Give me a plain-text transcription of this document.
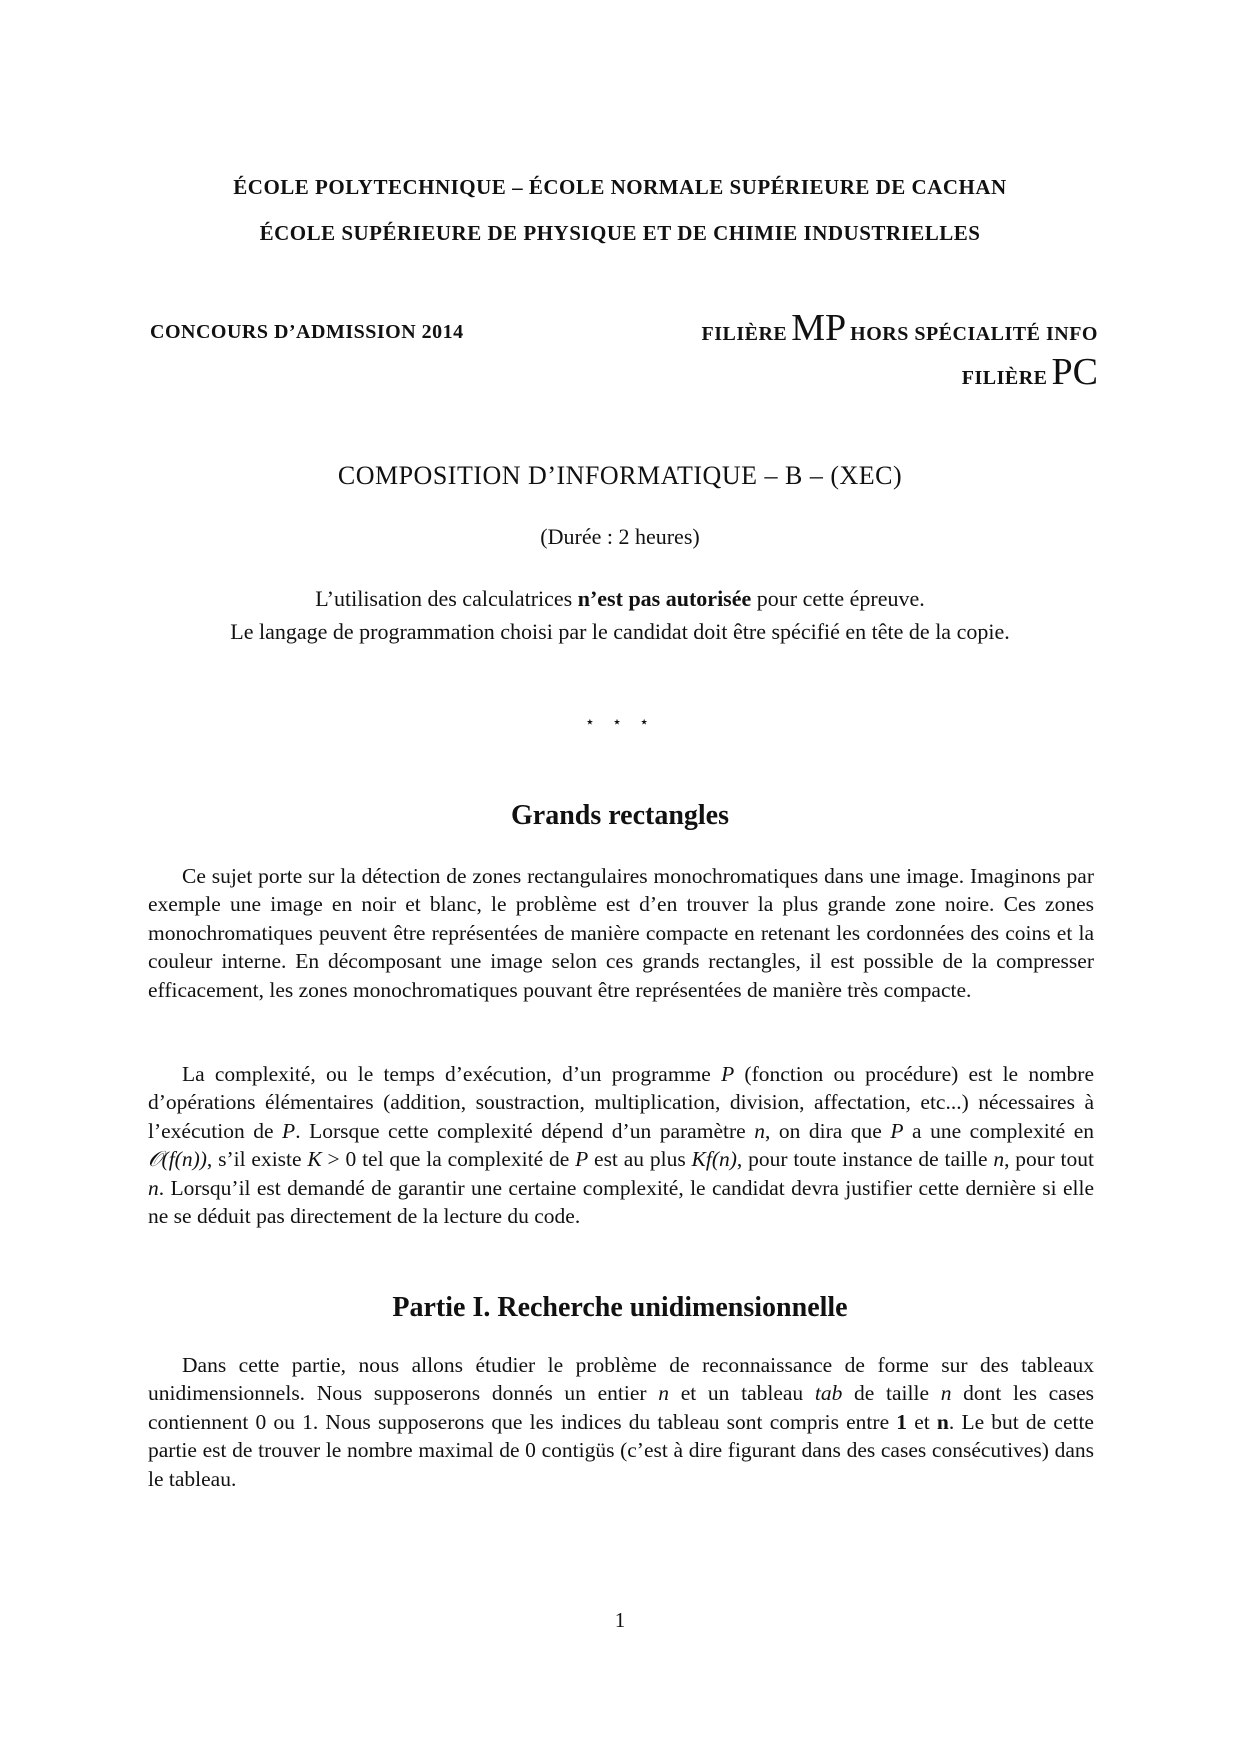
ÉCOLE POLYTECHNIQUE – ÉCOLE NORMALE SUPÉRIEURE DE CACHAN
ÉCOLE SUPÉRIEURE DE PHYSIQUE ET DE CHIMIE INDUSTRIELLES
CONCOURS D’ADMISSION 2014	FILIÈRE MP HORS SPÉCIALITÉ INFO
FILIÈRE PC
COMPOSITION D’INFORMATIQUE – B – (XEC)
(Durée : 2 heures)
L’utilisation des calculatrices n’est pas autorisée pour cette épreuve.
Le langage de programmation choisi par le candidat doit être spécifié en tête de la copie.
⋆ ⋆ ⋆
Grands rectangles
Ce sujet porte sur la détection de zones rectangulaires monochromatiques dans une image. Imaginons par exemple une image en noir et blanc, le problème est d’en trouver la plus grande zone noire. Ces zones monochromatiques peuvent être représentées de manière compacte en retenant les cordonnées des coins et la couleur interne. En décomposant une image selon ces grands rectangles, il est possible de la compresser efficacement, les zones monochromatiques pouvant être représentées de manière très compacte.
La complexité, ou le temps d’exécution, d’un programme P (fonction ou procédure) est le nombre d’opérations élémentaires (addition, soustraction, multiplication, division, affectation, etc...) nécessaires à l’exécution de P. Lorsque cette complexité dépend d’un paramètre n, on dira que P a une complexité en 𝒪(f(n)), s’il existe K > 0 tel que la complexité de P est au plus Kf(n), pour toute instance de taille n, pour tout n. Lorsqu’il est demandé de garantir une certaine complexité, le candidat devra justifier cette dernière si elle ne se déduit pas directement de la lecture du code.
Partie I. Recherche unidimensionnelle
Dans cette partie, nous allons étudier le problème de reconnaissance de forme sur des tableaux unidimensionnels. Nous supposerons donnés un entier n et un tableau tab de taille n dont les cases contiennent 0 ou 1. Nous supposerons que les indices du tableau sont compris entre 1 et n. Le but de cette partie est de trouver le nombre maximal de 0 contigüs (c’est à dire figurant dans des cases consécutives) dans le tableau.
1
